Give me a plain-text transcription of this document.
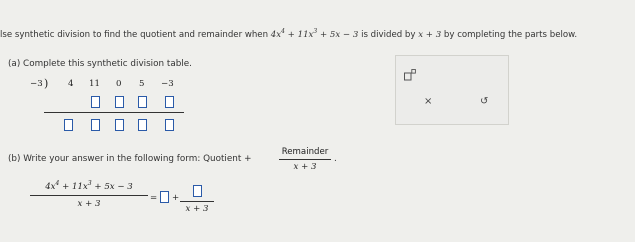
lse synthetic division to find the quotient and remainder when $4x^4 + 11x^3 + 5x - 3$ is divided by x + 3 by completing the parts below.
(a) Complete this synthetic division table.
−3 ) 4 11 0 5 −3
(b) Write your answer in the following form: Quotient +
Remainder
x + 3
.
$4x^4 + 11x^3 + 5x - 3$
x + 3
= +
x + 3
×	↺
